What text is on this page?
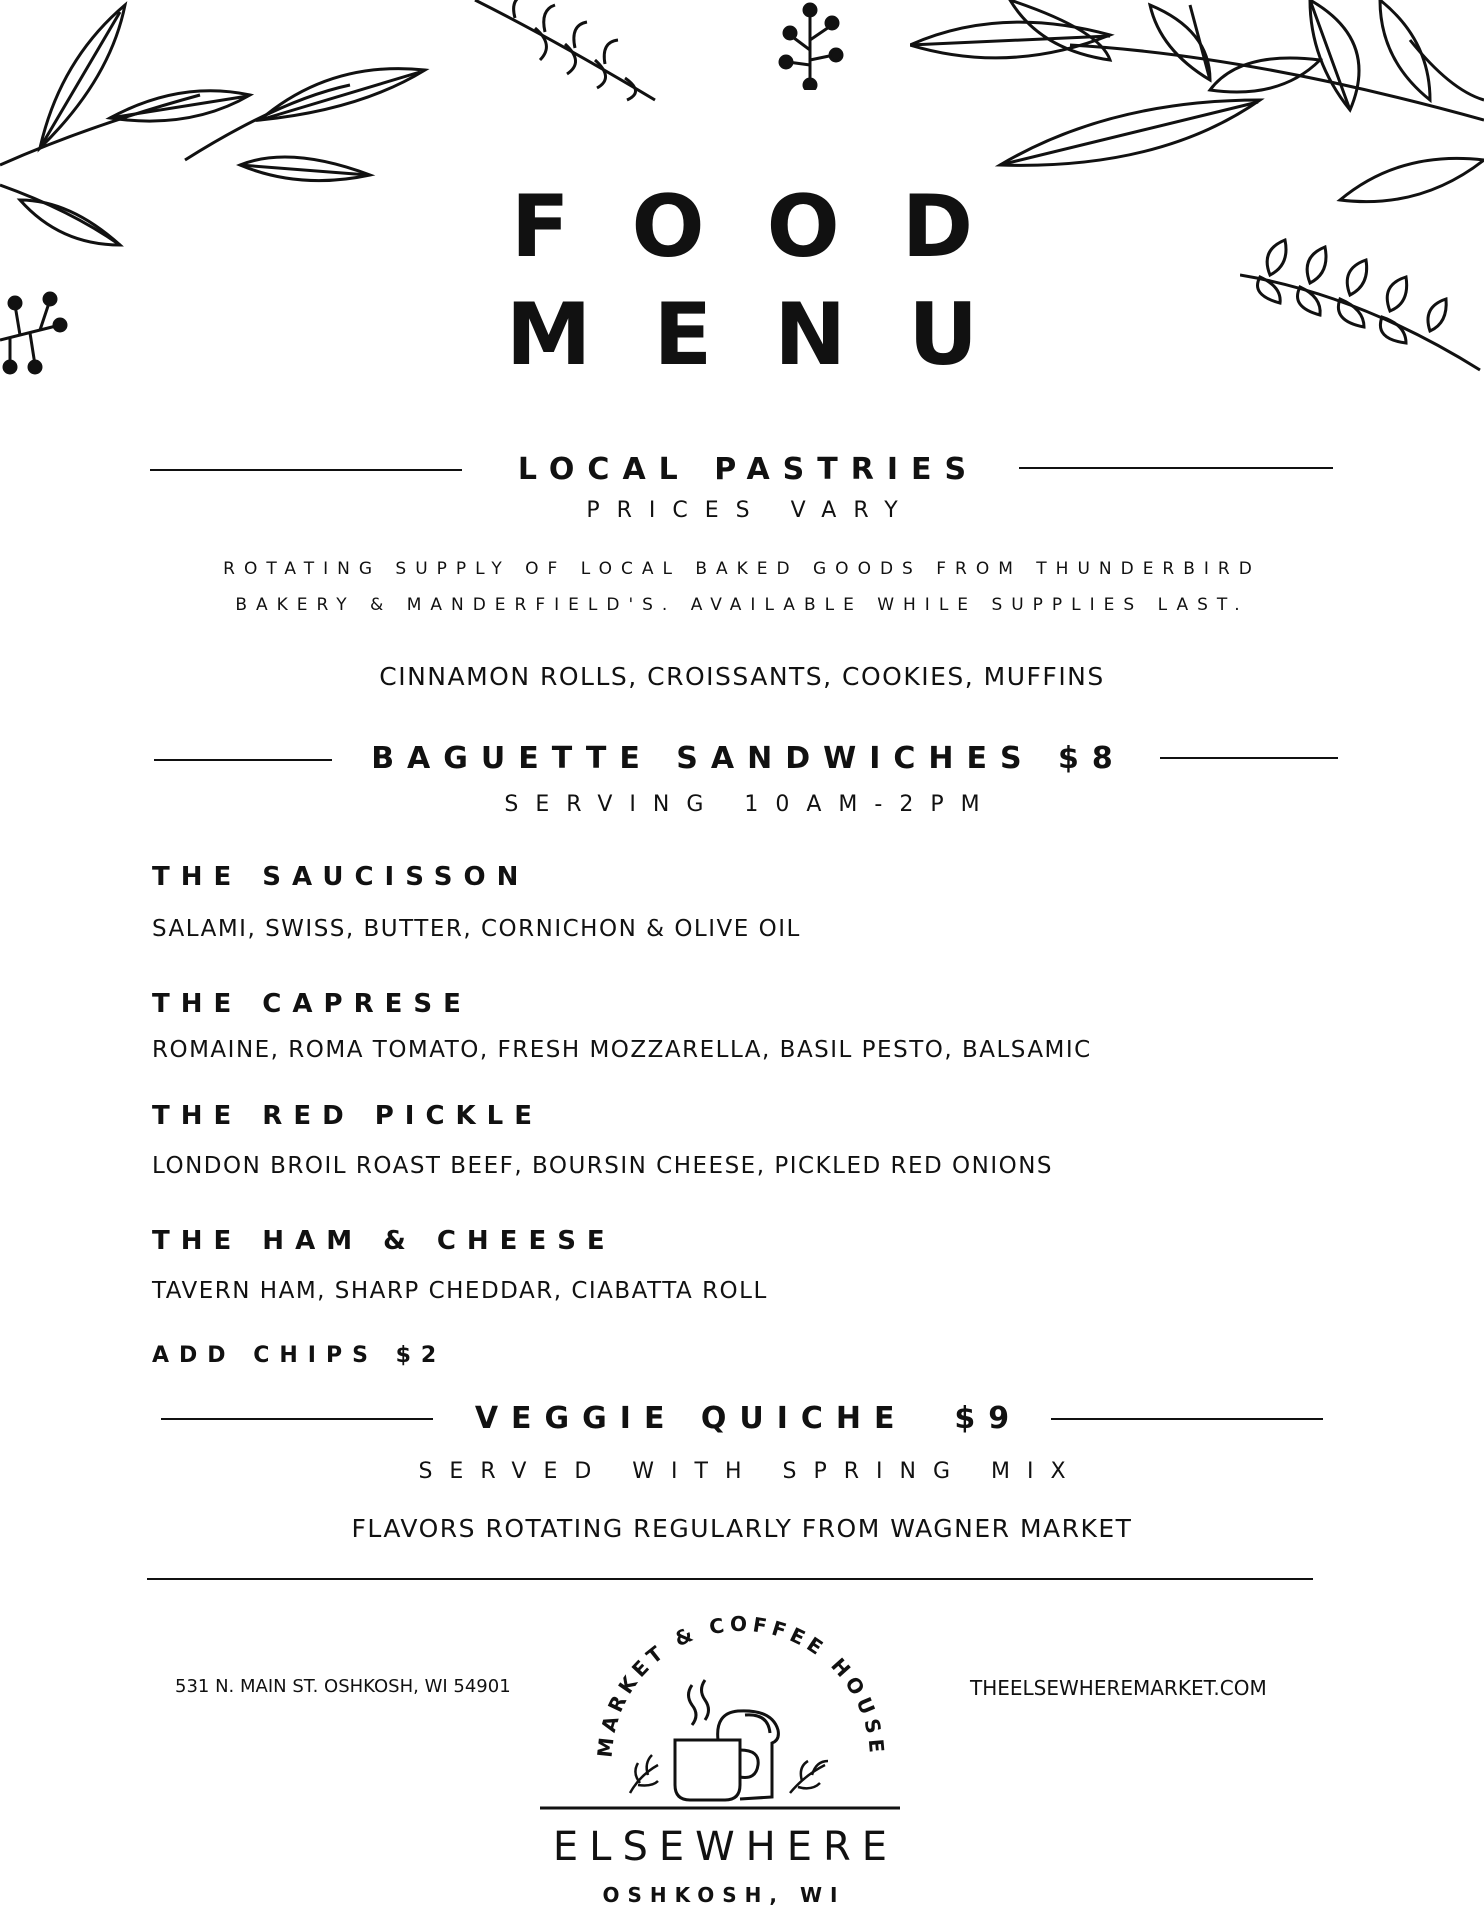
FOOD
MENU
LOCAL PASTRIES
PRICES VARY
ROTATING SUPPLY OF LOCAL BAKED GOODS FROM THUNDERBIRD
BAKERY & MANDERFIELD'S. AVAILABLE WHILE SUPPLIES LAST.
CINNAMON ROLLS, CROISSANTS, COOKIES, MUFFINS
BAGUETTE SANDWICHES $8
SERVING 10AM-2PM
THE SAUCISSON
SALAMI, SWISS, BUTTER, CORNICHON & OLIVE OIL
THE CAPRESE
ROMAINE, ROMA TOMATO, FRESH MOZZARELLA, BASIL PESTO, BALSAMIC
THE RED PICKLE
LONDON BROIL ROAST BEEF, BOURSIN CHEESE, PICKLED RED ONIONS
THE HAM & CHEESE
TAVERN HAM, SHARP CHEDDAR, CIABATTA ROLL
ADD CHIPS $2
VEGGIE QUICHE  $9
SERVED WITH SPRING MIX
FLAVORS ROTATING REGULARLY FROM WAGNER MARKET
531 N. MAIN ST. OSHKOSH, WI 54901	THEELSEWHEREMARKET.COM
MARKET & COFFEE HOUSE
ELSEWHERE
OSHKOSH, WI
